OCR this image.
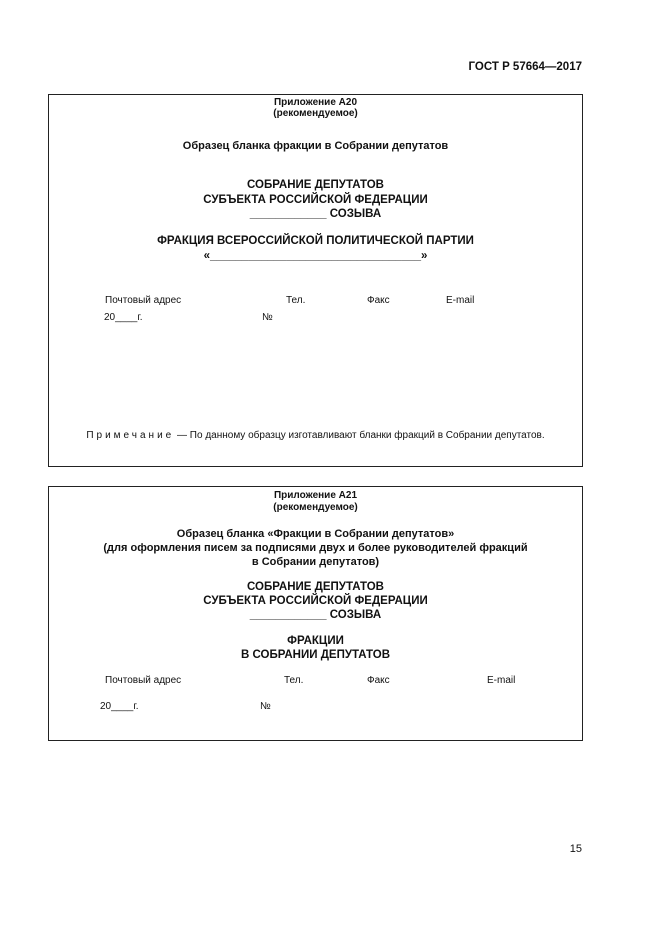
ГОСТ Р 57664—2017
Приложение А20
(рекомендуемое)
Образец бланка фракции в Собрании депутатов
СОБРАНИЕ ДЕПУТАТОВ
СУБЪЕКТА РОССИЙСКОЙ ФЕДЕРАЦИИ
____________ СОЗЫВА
ФРАКЦИЯ ВСЕРОССИЙСКОЙ ПОЛИТИЧЕСКОЙ ПАРТИИ
«_________________________________»
Почтовый адрес	Тел.	Факс	E-mail
20____г.	№
Примечание — По данному образцу изготавливают бланки фракций в Собрании депутатов.
Приложение А21
(рекомендуемое)
Образец бланка «Фракции в Собрании депутатов»
(для оформления писем за подписями двух и более руководителей фракций
в Собрании депутатов)
СОБРАНИЕ ДЕПУТАТОВ
СУБЪЕКТА РОССИЙСКОЙ ФЕДЕРАЦИИ
____________ СОЗЫВА
ФРАКЦИИ
В СОБРАНИИ ДЕПУТАТОВ
Почтовый адрес	Тел.	Факс	E-mail
20____г.	№
15
